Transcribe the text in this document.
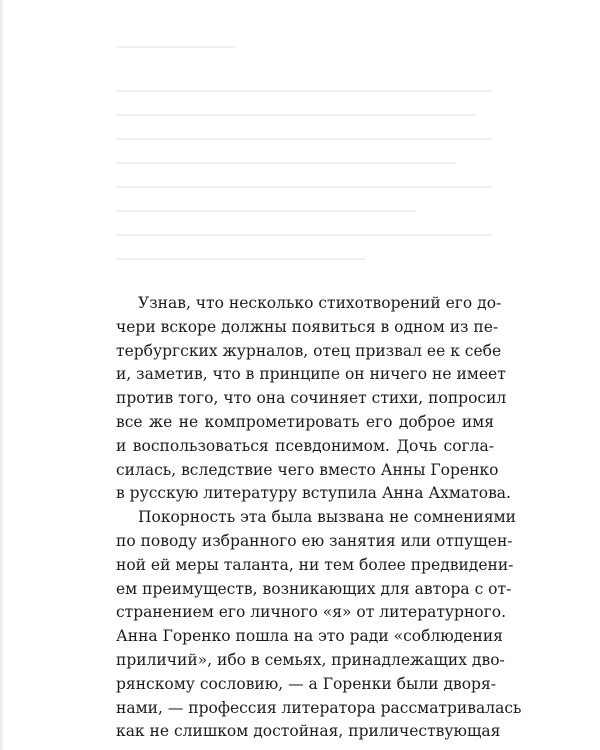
Узнав, что несколько стихотворений его до-
чери вскоре должны появиться в одном из пе-
тербургских журналов, отец призвал ее к себе
и, заметив, что в принципе он ничего не имеет
против того, что она сочиняет стихи, попросил
все же не компрометировать его доброе имя
и воспользоваться псевдонимом. Дочь согла-
силась, вследствие чего вместо Анны Горенко
в русскую литературу вступила Анна Ахматова.

Покорность эта была вызвана не сомнениями
по поводу избранного ею занятия или отпущен-
ной ей меры таланта, ни тем более предвидени-
ем преимуществ, возникающих для автора с от-
странением его личного «я» от литературного.
Анна Горенко пошла на это ради «соблюдения
приличий», ибо в семьях, принадлежащих дво-
рянскому сословию, — а Горенки были дворя-
нами, — профессия литератора рассматривалась
как не слишком достойная, приличествующая
